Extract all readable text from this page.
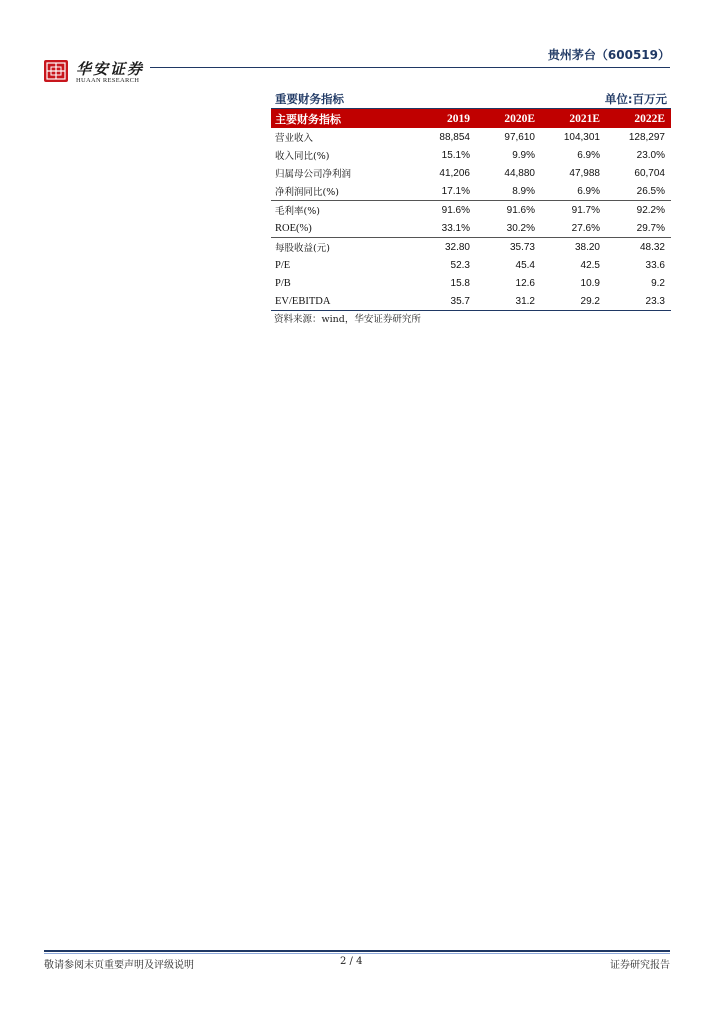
华安证券
HUAAN RESEARCH
贵州茅台（600519）
重要财务指标	单位:百万元
主要财务指标	2019	2020E	2021E	2022E
营业收入	88,854	97,610	104,301	128,297
收入同比(%)	15.1%	9.9%	6.9%	23.0%
归属母公司净利润	41,206	44,880	47,988	60,704
净利润同比(%)	17.1%	8.9%	6.9%	26.5%
毛利率(%)	91.6%	91.6%	91.7%	92.2%
ROE(%)	33.1%	30.2%	27.6%	29.7%
每股收益(元)	32.80	35.73	38.20	48.32
P/E	52.3	45.4	42.5	33.6
P/B	15.8	12.6	10.9	9.2
EV/EBITDA	35.7	31.2	29.2	23.3
资料来源：wind，华安证券研究所
敬请参阅末页重要声明及评级说明	2 / 4	证券研究报告
